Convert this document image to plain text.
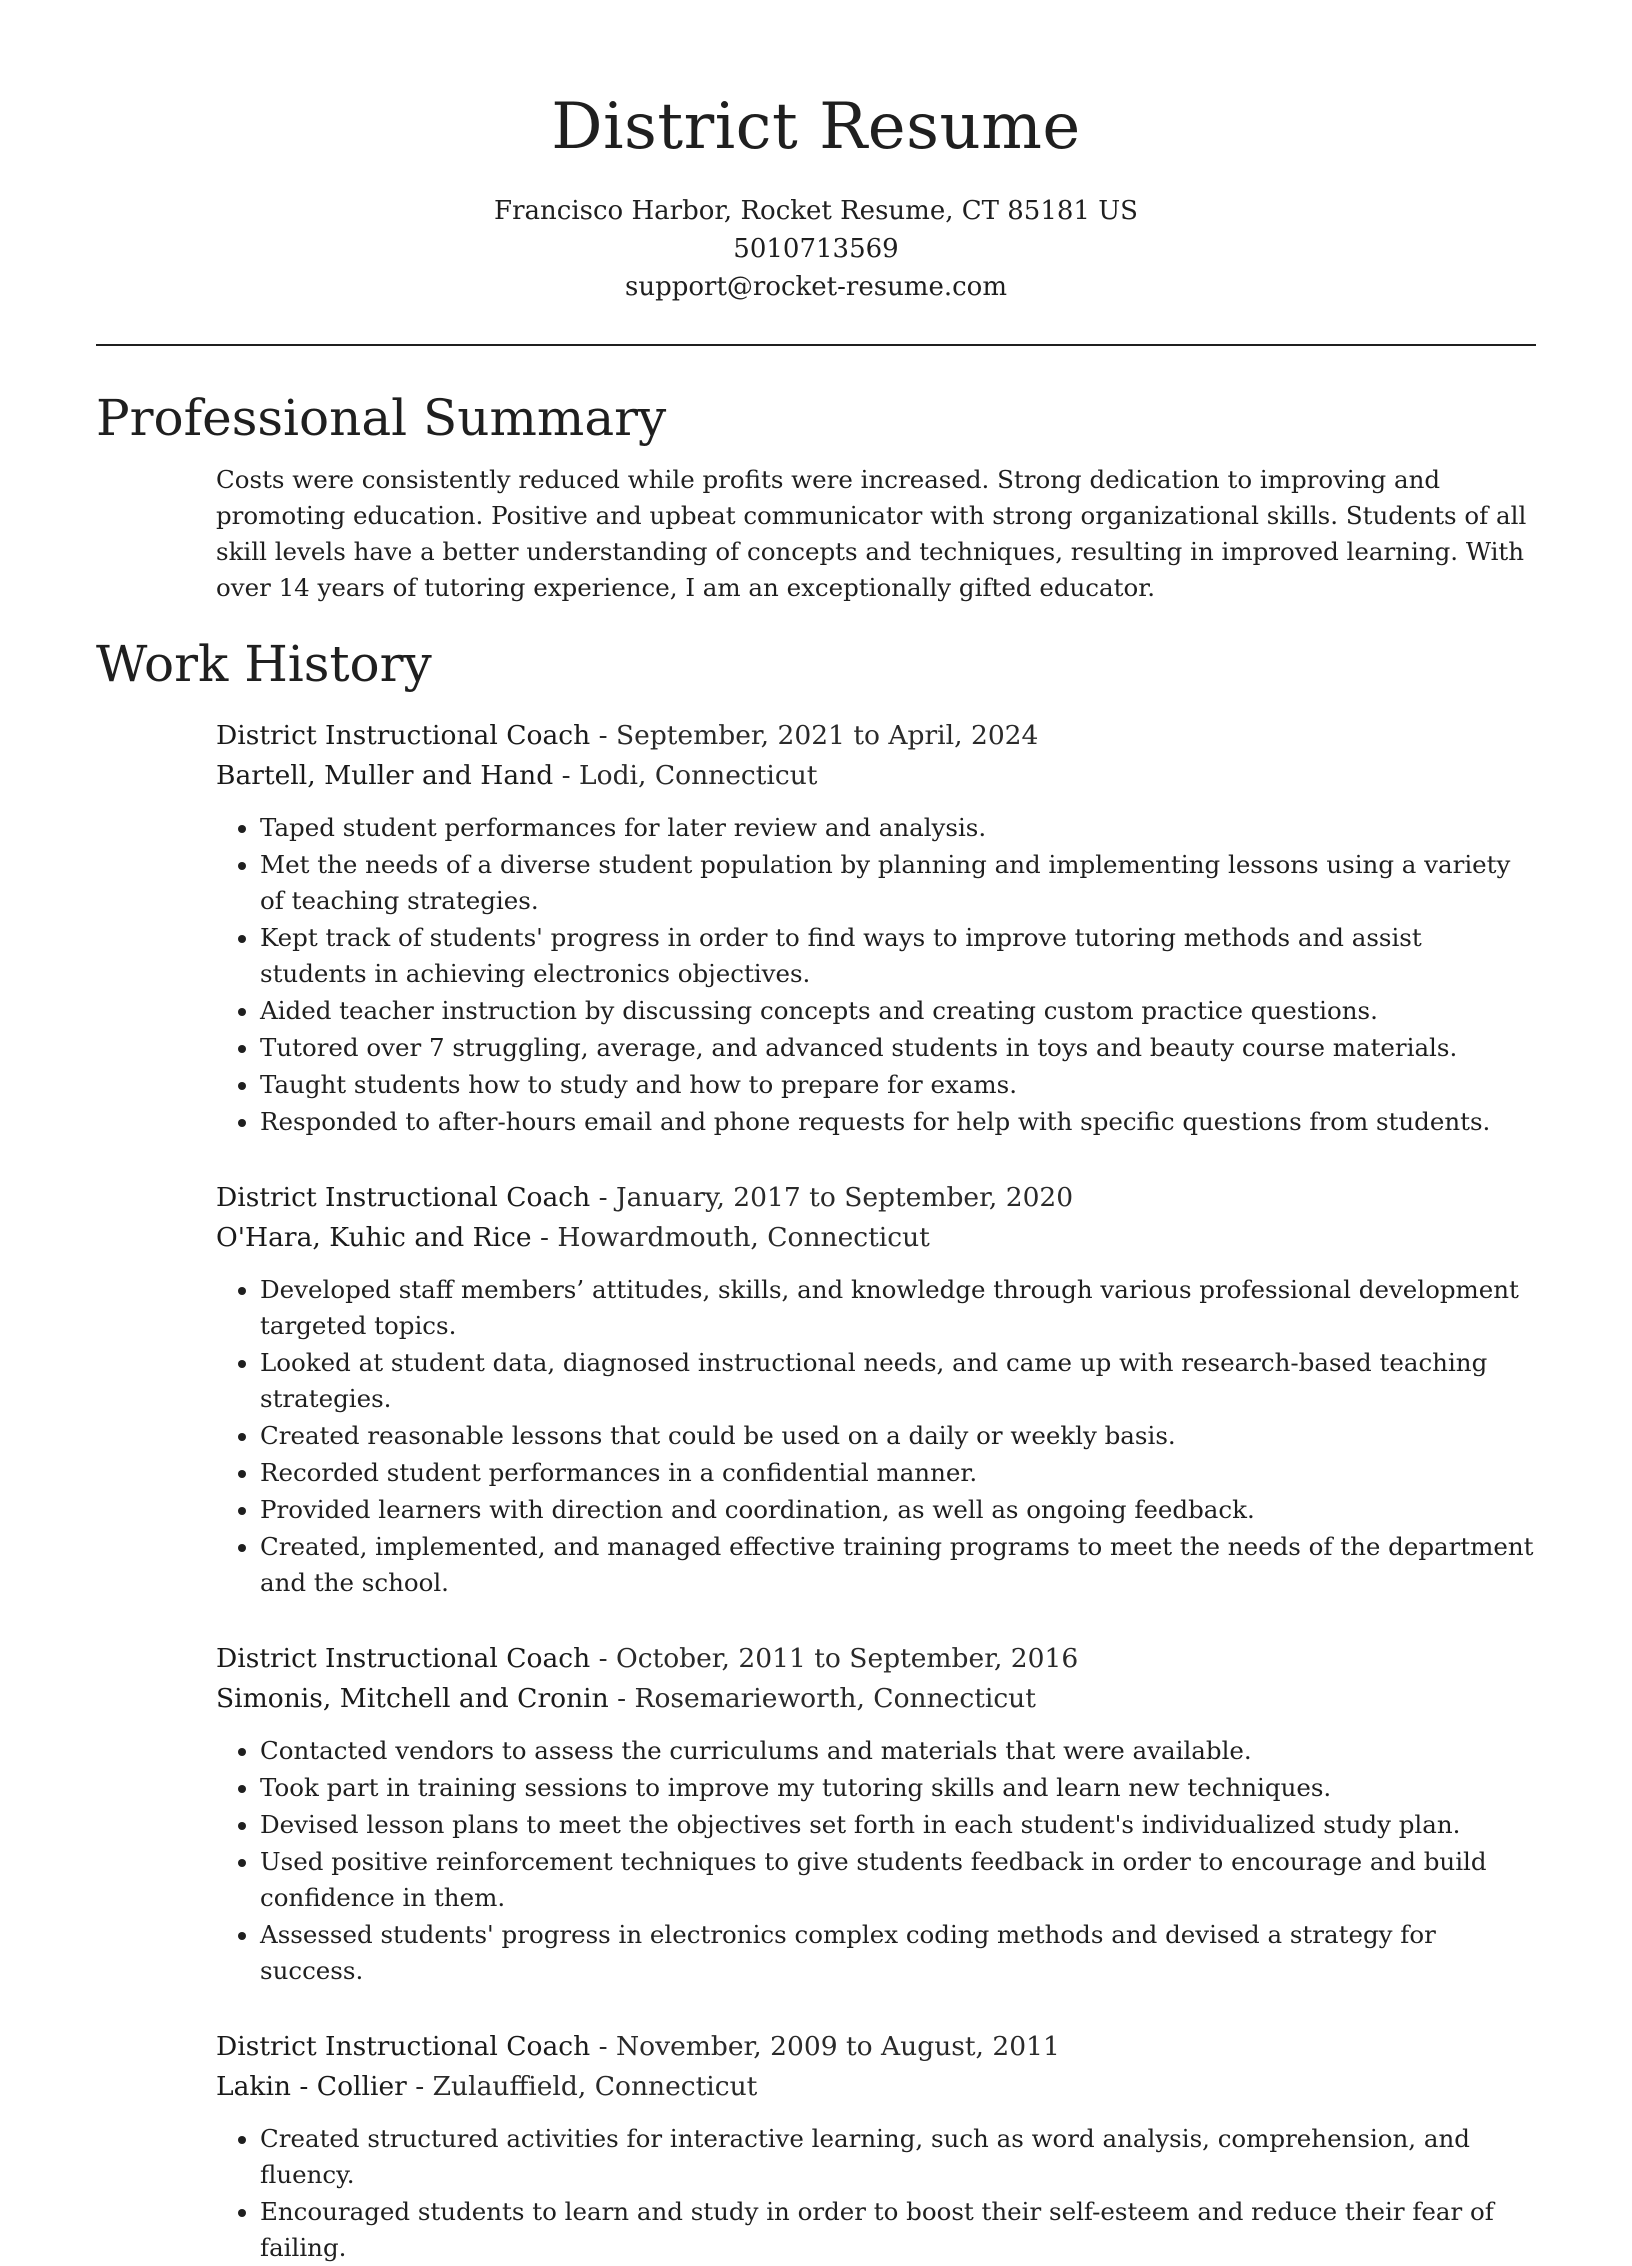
District Resume
Francisco Harbor, Rocket Resume, CT 85181 US
5010713569
support@rocket-resume.com
Professional Summary

Costs were consistently reduced while profits were increased. Strong dedication to improving and promoting education. Positive and upbeat communicator with strong organizational skills. Students of all skill levels have a better understanding of concepts and techniques, resulting in improved learning. With over 14 years of tutoring experience, I am an exceptionally gifted educator.

Work History
District Instructional Coach - September, 2021 to April, 2024
Bartell, Muller and Hand - Lodi, Connecticut
• Taped student performances for later review and analysis.
• Met the needs of a diverse student population by planning and implementing lessons using a variety of teaching strategies.
• Kept track of students' progress in order to find ways to improve tutoring methods and assist students in achieving electronics objectives.
• Aided teacher instruction by discussing concepts and creating custom practice questions.
• Tutored over 7 struggling, average, and advanced students in toys and beauty course materials.
• Taught students how to study and how to prepare for exams.
• Responded to after-hours email and phone requests for help with specific questions from students.
District Instructional Coach - January, 2017 to September, 2020
O'Hara, Kuhic and Rice - Howardmouth, Connecticut
• Developed staff members’ attitudes, skills, and knowledge through various professional development targeted topics.
• Looked at student data, diagnosed instructional needs, and came up with research-based teaching strategies.
• Created reasonable lessons that could be used on a daily or weekly basis.
• Recorded student performances in a confidential manner.
• Provided learners with direction and coordination, as well as ongoing feedback.
• Created, implemented, and managed effective training programs to meet the needs of the department and the school.
District Instructional Coach - October, 2011 to September, 2016
Simonis, Mitchell and Cronin - Rosemarieworth, Connecticut
• Contacted vendors to assess the curriculums and materials that were available.
• Took part in training sessions to improve my tutoring skills and learn new techniques.
• Devised lesson plans to meet the objectives set forth in each student's individualized study plan.
• Used positive reinforcement techniques to give students feedback in order to encourage and build confidence in them.
• Assessed students' progress in electronics complex coding methods and devised a strategy for success.
District Instructional Coach - November, 2009 to August, 2011
Lakin - Collier - Zulauffield, Connecticut
• Created structured activities for interactive learning, such as word analysis, comprehension, and fluency.
• Encouraged students to learn and study in order to boost their self-esteem and reduce their fear of failing.
